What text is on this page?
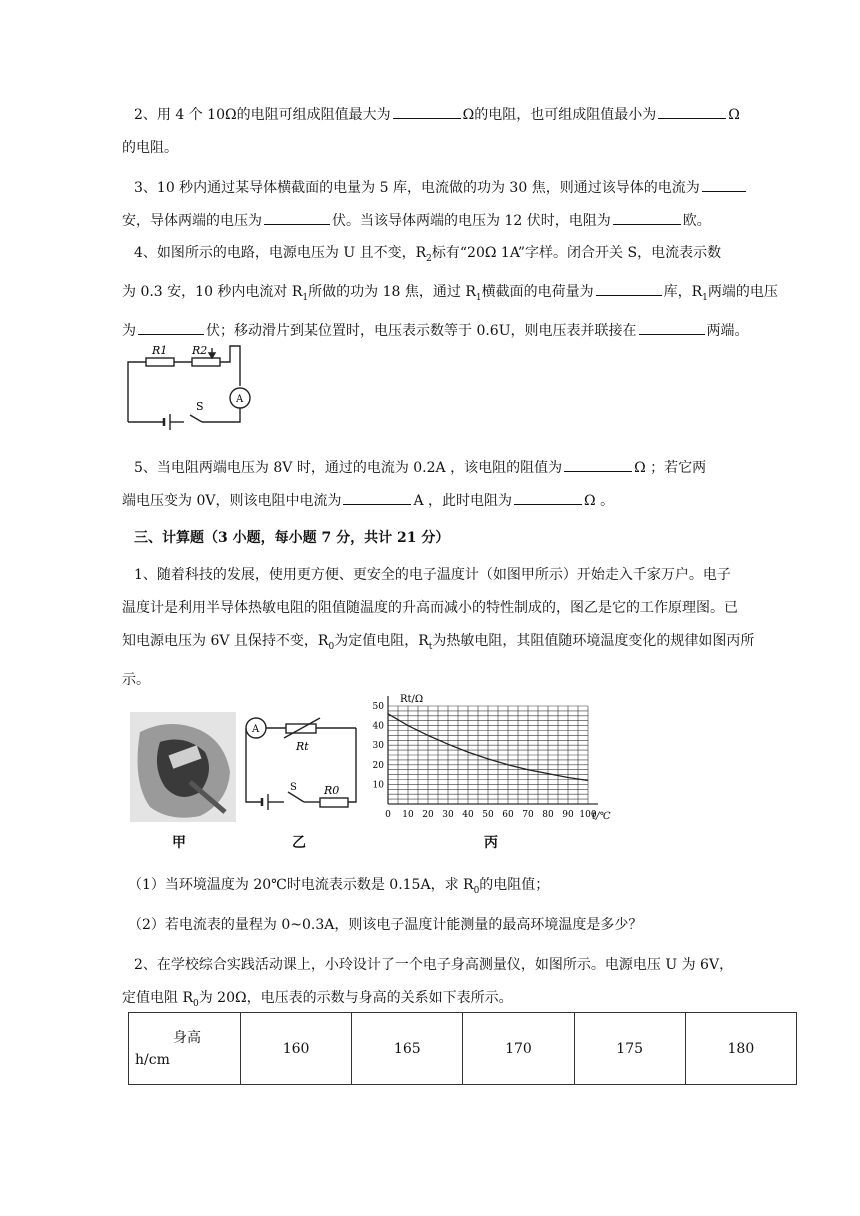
2、用 4 个 10Ω的电阻可组成阻值最大为	Ω的电阻，也可组成阻值最小为	Ω
的电阻。

3、10 秒内通过某导体横截面的电量为 5 库，电流做的功为 30 焦，则通过该导体的电流为
安，导体两端的电压为	伏。当该导体两端的电压为 12 伏时，电阻为	欧。

4、如图所示的电路，电源电压为 U 且不变，$R_2$标有“20Ω 1A”字样。闭合开关 S，电流表示数
为 0.3 安，10 秒内电流对 $R_1$所做的功为 18 焦，通过 $R_1$横截面的电荷量为	库，$R_1$两端的电压
为	伏；移动滑片到某位置时，电压表示数等于 0.6U，则电压表并联接在	两端。

R1 R2
S
A

5、当电阻两端电压为 8V 时，通过的电流为 0.2A ，该电阻的阻值为	Ω ；若它两
端电压变为 0V，则该电阻中电流为	A ，此时电阻为	Ω 。

三、计算题（3 小题，每小题 7 分，共计 21 分）

1、随着科技的发展，使用更方便、更安全的电子温度计（如图甲所示）开始走入千家万户。电子
温度计是利用半导体热敏电阻的阻值随温度的升高而减小的特性制成的，图乙是它的工作原理图。已
知电源电压为 6V 且保持不变，$R_0$为定值电阻，$R_t$为热敏电阻，其阻值随环境温度变化的规律如图丙所
示。

A
Rt
S R0
0 10 20 30 40 50 60 70 80 90 100
10
20
30
40
50
Rt/Ω
t/℃
甲	乙	丙

（1）当环境温度为 20℃时电流表示数是 0.15A，求 $R_0$的电阻值；

（2）若电流表的量程为 0~0.3A，则该电子温度计能测量的最高环境温度是多少？

2、在学校综合实践活动课上，小玲设计了一个电子身高测量仪，如图所示。电源电压 U 为 6V，
定值电阻 $R_0$为 20Ω，电压表的示数与身高的关系如下表所示。

身高
h/cm
	160	165	170	175	180
